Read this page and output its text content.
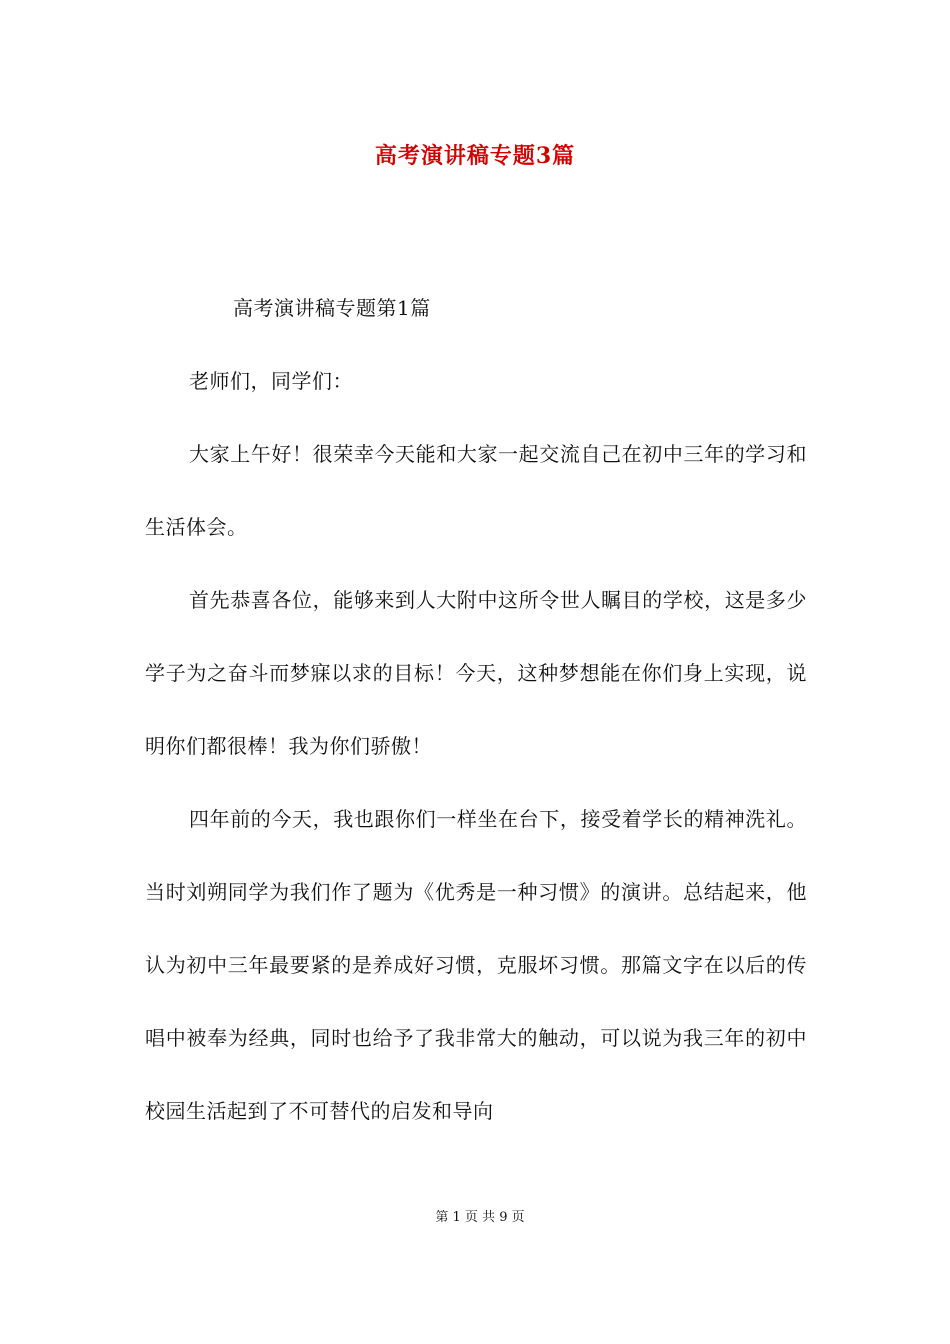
高考演讲稿专题3篇

高考演讲稿专题第1篇

老师们，同学们：

大家上午好！很荣幸今天能和大家一起交流自己在初中三年的学习和生活体会。

首先恭喜各位，能够来到人大附中这所令世人瞩目的学校，这是多少学子为之奋斗而梦寐以求的目标！今天，这种梦想能在你们身上实现，说明你们都很棒！我为你们骄傲！

四年前的今天，我也跟你们一样坐在台下，接受着学长的精神洗礼。当时刘朔同学为我们作了题为《优秀是一种习惯》的演讲。总结起来，他认为初中三年最要紧的是养成好习惯，克服坏习惯。那篇文字在以后的传唱中被奉为经典，同时也给予了我非常大的触动，可以说为我三年的初中校园生活起到了不可替代的启发和导向

第 1 页 共 9 页
